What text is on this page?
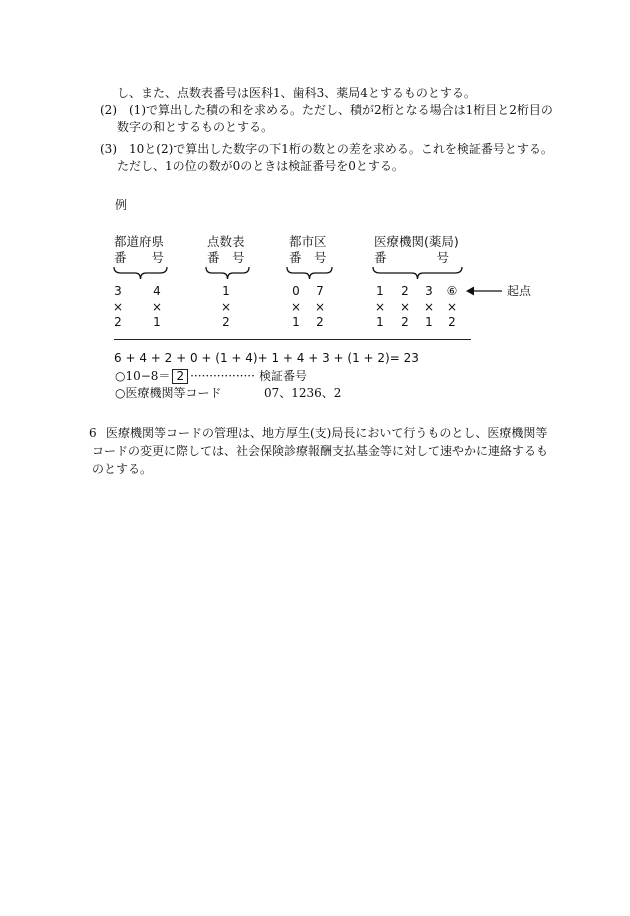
し、また、点数表番号は医科1、歯科3、薬局4とするものとする。
(2)　(1)で算出した積の和を求める。ただし、積が2桁となる場合は1桁目と2桁目の
数字の和とするものとする。
(3)　10と(2)で算出した数字の下1桁の数との差を求める。これを検証番号とする。
ただし、1の位の数が0のときは検証番号を0とする。
例
都道府県
番　　号
点数表
番　号
都市区
番　号
医療機関(薬局)
番　　　　号
3	4	1	0 7	1 2 3 ⑥	起点
× ×	×	× ×	× × × ×
2	1	2	1 2	1 2 1 2
6 + 4 + 2 + 0 + (1 + 4)+ 1 + 4 + 3 + (1 + 2)= 23
○10−8＝ 2 ················· 検証番号
○医療機関等コード	07、1236、2
6 医療機関等コードの管理は、地方厚生(支)局長において行うものとし、医療機関等
コードの変更に際しては、社会保険診療報酬支払基金等に対して速やかに連絡するも
のとする。
